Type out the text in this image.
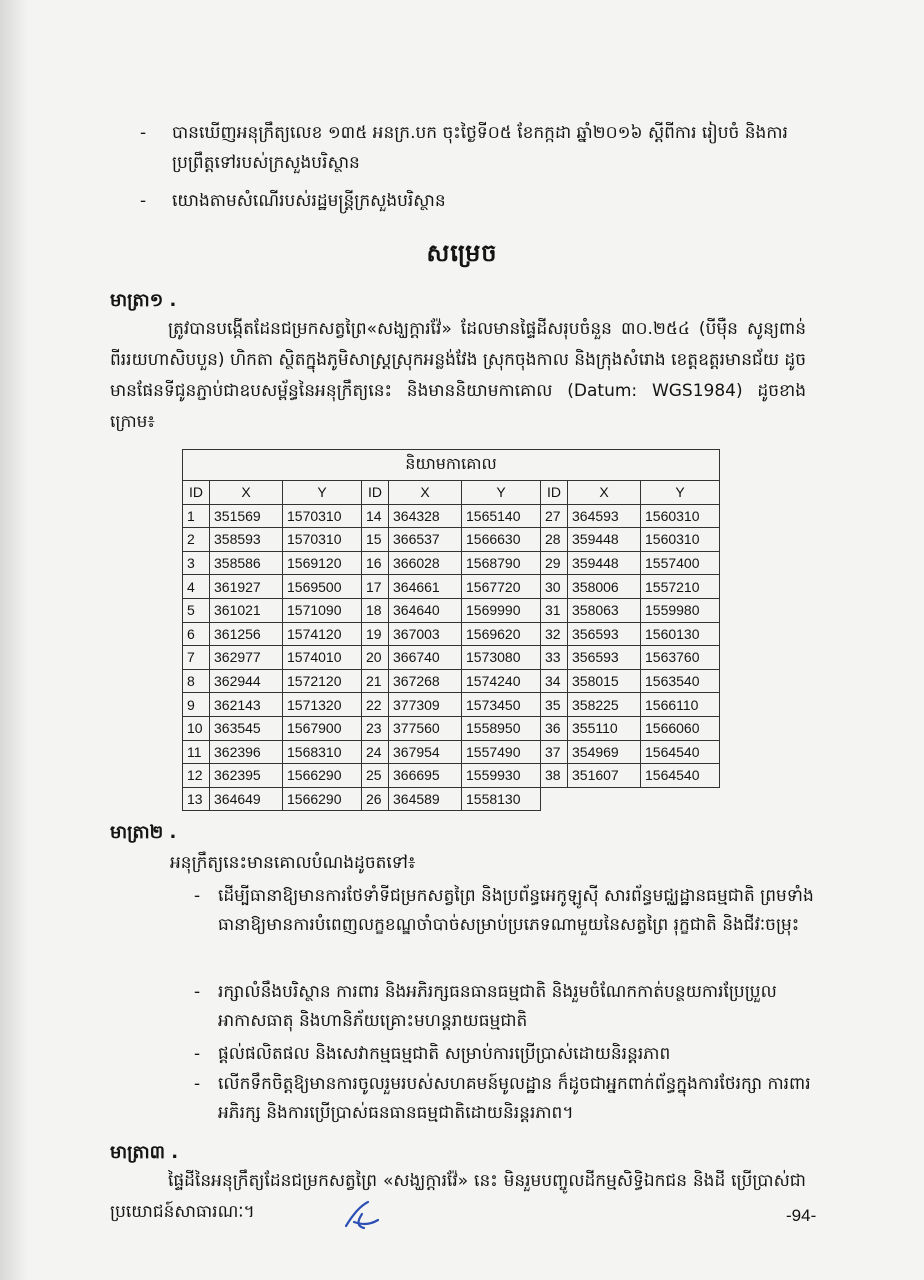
- បានឃើញអនុក្រឹត្យលេខ ១៣៥ អនក្រ.បក ចុះថ្ងៃទី០៥ ខែកក្កដា ឆ្នាំ២០១៦ ស្តីពីការ រៀបចំ និងការប្រព្រឹត្តទៅរបស់ក្រសួងបរិស្ថាន
- យោងតាមសំណើរបស់រដ្ឋមន្ត្រីក្រសួងបរិស្ថាន
សម្រេច
មាត្រា១ .
ត្រូវបានបង្កើតដែនជម្រកសត្វព្រៃ«សង្ឃក្តារវ៉ែ» ដែលមានផ្ទៃដីសរុបចំនួន ៣០.២៥៤ (បីម៉ឺន សូន្យពាន់ពីររយហាសិបបួន) ហិកតា ស្ថិតក្នុងភូមិសាស្ត្រស្រុកអន្លង់វែង ស្រុកចុងកាល និងក្រុងសំរោង ខេត្តឧត្តរមានជ័យ ដូចមានផែនទីជូនភ្ជាប់ជាឧបសម្ព័ន្ធនៃអនុក្រឹត្យនេះ និងមាននិយាមកាគោល (Datum: WGS1984) ដូចខាងក្រោម៖
និយាមកាគោល								
ID	X	Y	ID	X	Y	ID	X	Y
1	351569	1570310	14	364328	1565140	27	364593	1560310
2	358593	1570310	15	366537	1566630	28	359448	1560310
3	358586	1569120	16	366028	1568790	29	359448	1557400
4	361927	1569500	17	364661	1567720	30	358006	1557210
5	361021	1571090	18	364640	1569990	31	358063	1559980
6	361256	1574120	19	367003	1569620	32	356593	1560130
7	362977	1574010	20	366740	1573080	33	356593	1563760
8	362944	1572120	21	367268	1574240	34	358015	1563540
9	362143	1571320	22	377309	1573450	35	358225	1566110
10	363545	1567900	23	377560	1558950	36	355110	1566060
11	362396	1568310	24	367954	1557490	37	354969	1564540
12	362395	1566290	25	366695	1559930	38	351607	1564540
13	364649	1566290	26	364589	1558130			
មាត្រា២ .
អនុក្រឹត្យនេះមានគោលបំណងដូចតទៅ៖
- ដើម្បីធានាឱ្យមានការថែទាំទីជម្រកសត្វព្រៃ និងប្រព័ន្ធអេកូឡូស៊ី សារព័ន្ធមជ្ឈដ្ឋានធម្មជាតិ ព្រមទាំងធានាឱ្យមានការបំពេញលក្ខខណ្ឌចាំបាច់សម្រាប់ប្រភេទណាមួយនៃសត្វព្រៃ រុក្ខជាតិ និងជីវៈចម្រុះ
- រក្សាលំនឹងបរិស្ថាន ការពារ និងអភិរក្សធនធានធម្មជាតិ និងរួមចំណែកកាត់បន្ថយការប្រែប្រួល អាកាសធាតុ និងហានិភ័យគ្រោះមហន្តរាយធម្មជាតិ
- ផ្តល់ផលិតផល និងសេវាកម្មធម្មជាតិ សម្រាប់ការប្រើប្រាស់ដោយនិរន្តរភាព
- លើកទឹកចិត្តឱ្យមានការចូលរួមរបស់សហគមន៍មូលដ្ឋាន ក៏ដូចជាអ្នកពាក់ព័ន្ធក្នុងការថែរក្សា ការពារអភិរក្ស និងការប្រើប្រាស់ធនធានធម្មជាតិដោយនិរន្តរភាព។
មាត្រា៣ .
ផ្ទៃដីនៃអនុក្រឹត្យដែនជម្រកសត្វព្រៃ «សង្ឃក្តារវ៉ែ» នេះ មិនរួមបញ្ចូលដីកម្មសិទ្ធិឯកជន និងដី ប្រើប្រាស់ជាប្រយោជន៍សាធារណៈ។	-94-
